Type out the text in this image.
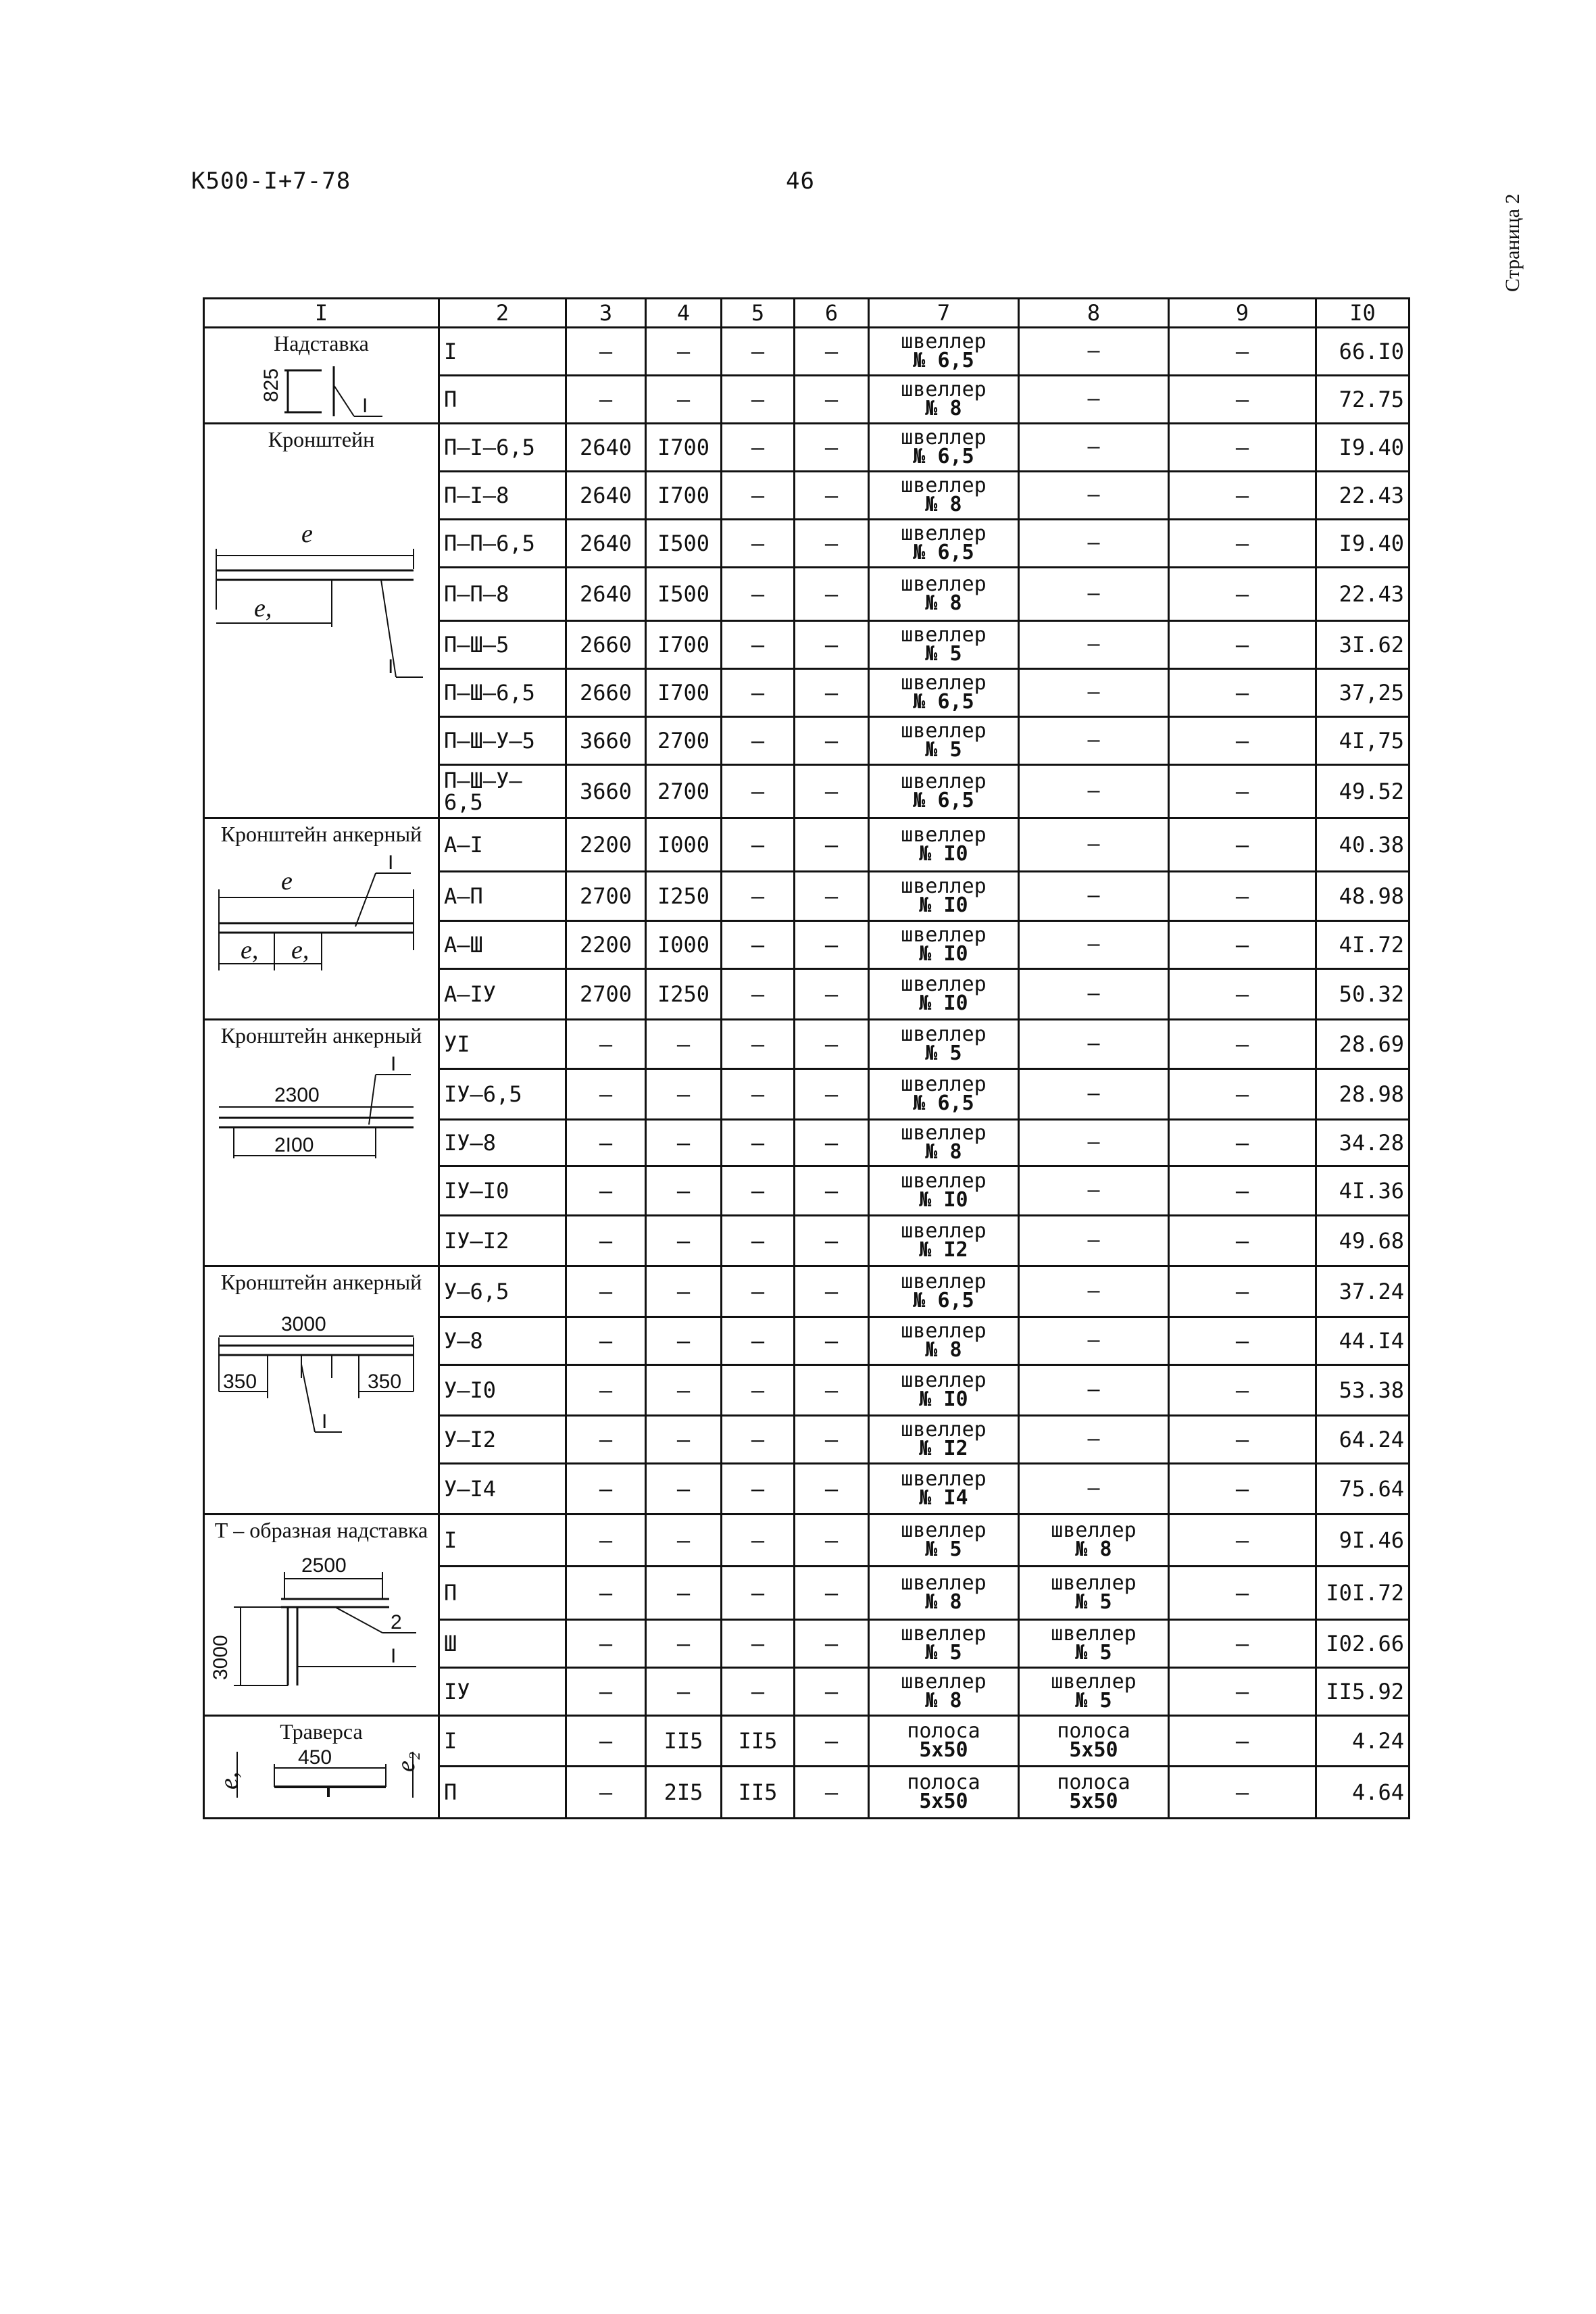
К500-I+7-78	46
Страница 2
I	2	3	4	5	6	7	8	9	I0

Надставка
825
I	I	–	–	–	–	швеллер
№ 6,5	–	–	66.I0
	П	–	–	–	–	швеллер
№ 8	–	–	72.75

Кронштейн
e
e,
I	П–I–6,5	2640	I700	–	–	швеллер
№ 6,5	–	–	I9.40
	П–I–8	2640	I700	–	–	швеллер
№ 8	–	–	22.43
	П–П–6,5	2640	I500	–	–	швеллер
№ 6,5	–	–	I9.40
	П–П–8	2640	I500	–	–	швеллер
№ 8	–	–	22.43
	П–Ш–5	2660	I700	–	–	швеллер
№ 5	–	–	3I.62
	П–Ш–6,5	2660	I700	–	–	швеллер
№ 6,5	–	–	37,25
	П–Ш–У–5	3660	2700	–	–	швеллер
№ 5	–	–	4I,75
	П–Ш–У–6,5	3660	2700	–	–	швеллер
№ 6,5	–	–	49.52

Кронштейн анкерный
e
I
e, e,	А–I	2200	I000	–	–	швеллер
№ I0	–	–	40.38
	А–П	2700	I250	–	–	швеллер
№ I0	–	–	48.98
	А–Ш	2200	I000	–	–	швеллер
№ I0	–	–	4I.72
	А–IУ	2700	I250	–	–	швеллер
№ I0	–	–	50.32

Кронштейн анкерный
I
2300
2I00	УI	–	–	–	–	швеллер
№ 5	–	–	28.69
	IУ–6,5	–	–	–	–	швеллер
№ 6,5	–	–	28.98
	IУ–8	–	–	–	–	швеллер
№ 8	–	–	34.28
	IУ–I0	–	–	–	–	швеллер
№ I0	–	–	4I.36
	IУ–I2	–	–	–	–	швеллер
№ I2	–	–	49.68

Кронштейн анкерный
3000
350 350
I	У–6,5	–	–	–	–	швеллер
№ 6,5	–	–	37.24
	У–8	–	–	–	–	швеллер
№ 8	–	–	44.I4
	У–I0	–	–	–	–	швеллер
№ I0	–	–	53.38
	У–I2	–	–	–	–	швеллер
№ I2	–	–	64.24
	У–I4	–	–	–	–	швеллер
№ I4	–	–	75.64

Т – образная надставка
2500
3000
2
I	I	–	–	–	–	швеллер
№ 5	швеллер
№ 8	–	9I.46
	П	–	–	–	–	швеллер
№ 8	швеллер
№ 5	–	I0I.72
	Ш	–	–	–	–	швеллер
№ 5	швеллер
№ 5	–	I02.66
	IУ	–	–	–	–	швеллер
№ 8	швеллер
№ 5	–	II5.92

Траверса
450
e,
e₂	I	–	II5	II5	–	полоса
5x50	полоса
5x50	–	4.24
	П	–	2I5	II5	–	полоса
5x50	полоса
5x50	–	4.64
